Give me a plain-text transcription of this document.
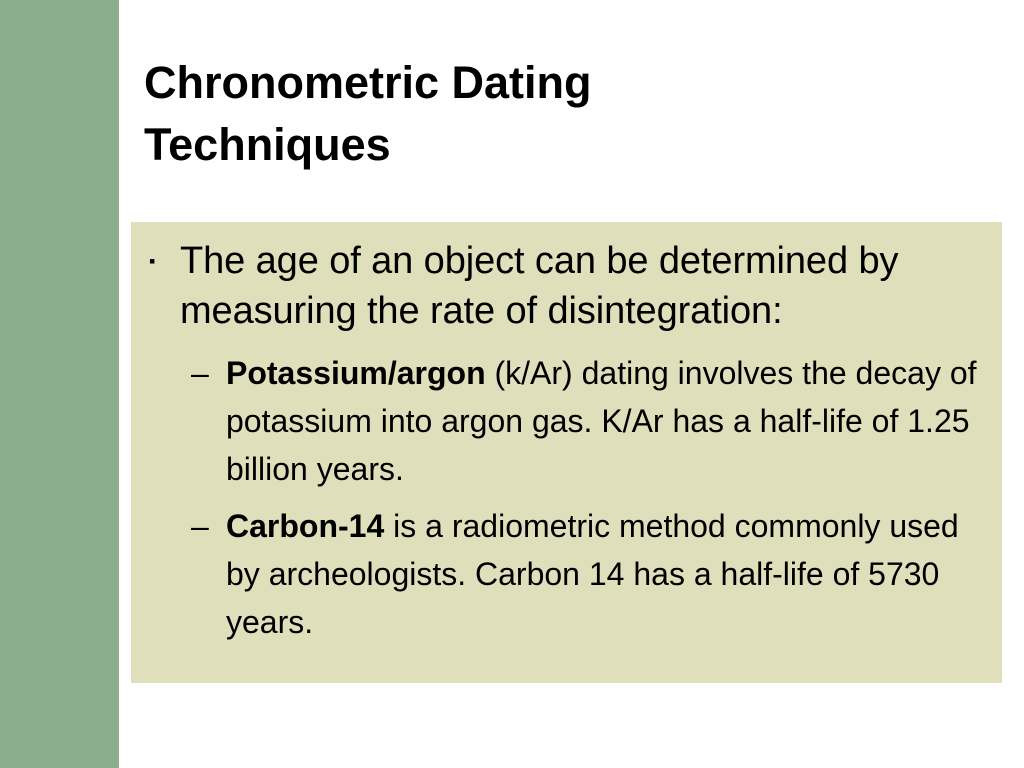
Chronometric Dating
Techniques
▪ The age of an object can be determined by measuring the rate of disintegration:
– Potassium/argon (k/Ar) dating involves the decay of potassium into argon gas. K/Ar has a half-life of 1.25 billion years.
– Carbon-14 is a radiometric method commonly used by archeologists. Carbon 14 has a half-life of 5730 years.
